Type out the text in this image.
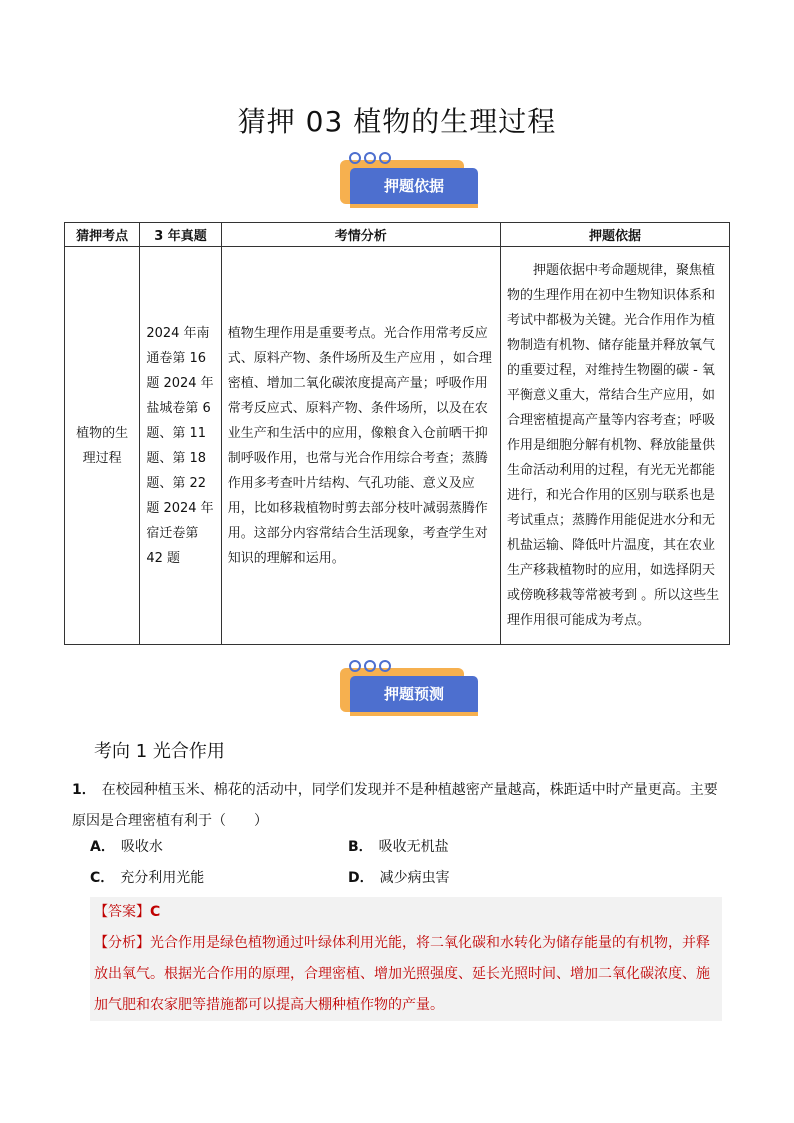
猜押 03 植物的生理过程
押题依据
猜押考点	3 年真题	考情分析	押题依据
植物的生理过程	2024 年南通卷第 16 题 2024 年盐城卷第 6 题、第 11 题、第 18 题、第 22 题 2024 年宿迁卷第 42 题	植物生理作用是重要考点。光合作用常考反应式、原料产物、条件场所及生产应用 ，如合理密植、增加二氧化碳浓度提高产量；呼吸作用常考反应式、原料产物、条件场所，以及在农业生产和生活中的应用，像粮食入仓前晒干抑制呼吸作用，也常与光合作用综合考查；蒸腾作用多考查叶片结构、气孔功能、意义及应用，比如移栽植物时剪去部分枝叶减弱蒸腾作用。这部分内容常结合生活现象，考查学生对知识的理解和运用。	押题依据中考命题规律，聚焦植物的生理作用在初中生物知识体系和考试中都极为关键。光合作用作为植物制造有机物、储存能量并释放氧气的重要过程，对维持生物圈的碳 - 氧平衡意义重大，常结合生产应用，如合理密植提高产量等内容考查；呼吸作用是细胞分解有机物、释放能量供生命活动利用的过程，有光无光都能进行，和光合作用的区别与联系也是考试重点；蒸腾作用能促进水分和无机盐运输、降低叶片温度，其在农业生产移栽植物时的应用，如选择阴天或傍晚移栽等常被考到 。所以这些生理作用很可能成为考点。
押题预测
考向 1 光合作用
1． 在校园种植玉米、棉花的活动中，同学们发现并不是种植越密产量越高，株距适中时产量更高。主要原因是合理密植有利于（　　）
A． 吸收水	B． 吸收无机盐
C． 充分利用光能	D． 减少病虫害
【答案】C
【分析】光合作用是绿色植物通过叶绿体利用光能，将二氧化碳和水转化为储存能量的有机物，并释放出氧气。根据光合作用的原理，合理密植、增加光照强度、延长光照时间、增加二氧化碳浓度、施加气肥和农家肥等措施都可以提高大棚种植作物的产量。
